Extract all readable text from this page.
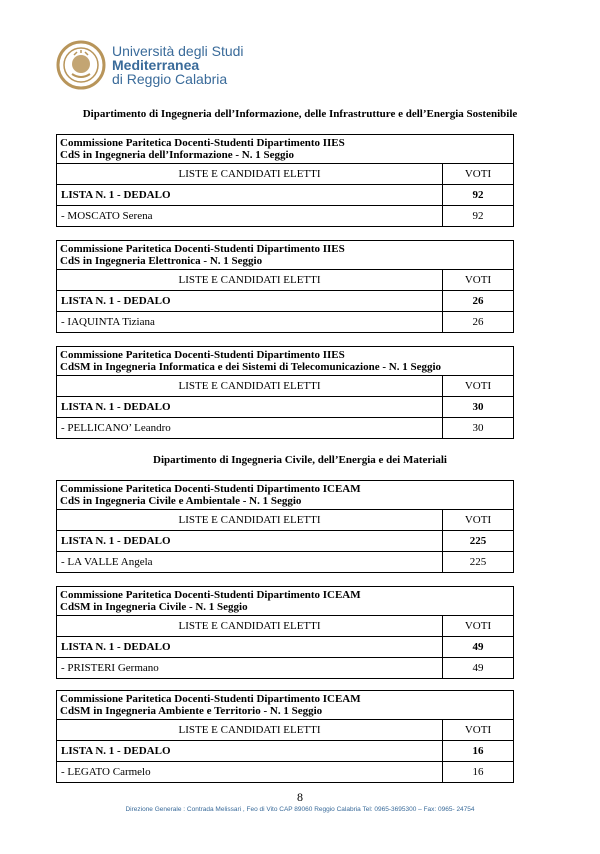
Università degli Studi
Mediterranea
di Reggio Calabria
Dipartimento di Ingegneria dell’Informazione, delle Infrastrutture e dell’Energia Sostenibile
Commissione Paritetica Docenti-Studenti Dipartimento IIES
CdS in Ingegneria dell’Informazione - N. 1 Seggio
LISTE E CANDIDATI ELETTI	VOTI
LISTA N. 1 - DEDALO	92
- MOSCATO Serena	92
Commissione Paritetica Docenti-Studenti Dipartimento IIES
CdS in Ingegneria Elettronica - N. 1 Seggio
LISTE E CANDIDATI ELETTI	VOTI
LISTA N. 1 - DEDALO	26
- IAQUINTA Tiziana	26
Commissione Paritetica Docenti-Studenti Dipartimento IIES
CdSM in Ingegneria Informatica e dei Sistemi di Telecomunicazione - N. 1 Seggio
LISTE E CANDIDATI ELETTI	VOTI
LISTA N. 1 - DEDALO	30
- PELLICANO’ Leandro	30
Dipartimento di Ingegneria Civile, dell’Energia e dei Materiali
Commissione Paritetica Docenti-Studenti Dipartimento ICEAM
CdS in Ingegneria Civile e Ambientale - N. 1 Seggio
LISTE E CANDIDATI ELETTI	VOTI
LISTA N. 1 - DEDALO	225
- LA VALLE Angela	225
Commissione Paritetica Docenti-Studenti Dipartimento ICEAM
CdSM in Ingegneria Civile - N. 1 Seggio
LISTE E CANDIDATI ELETTI	VOTI
LISTA N. 1 - DEDALO	49
- PRISTERI Germano	49
Commissione Paritetica Docenti-Studenti Dipartimento ICEAM
CdSM in Ingegneria Ambiente e Territorio - N. 1 Seggio
LISTE E CANDIDATI ELETTI	VOTI
LISTA N. 1 - DEDALO	16
- LEGATO Carmelo	16
8
Direzione Generale : Contrada Melissari , Feo di Vito CAP 89060 Reggio Calabria Tel: 0965-3695300 – Fax: 0965- 24754
